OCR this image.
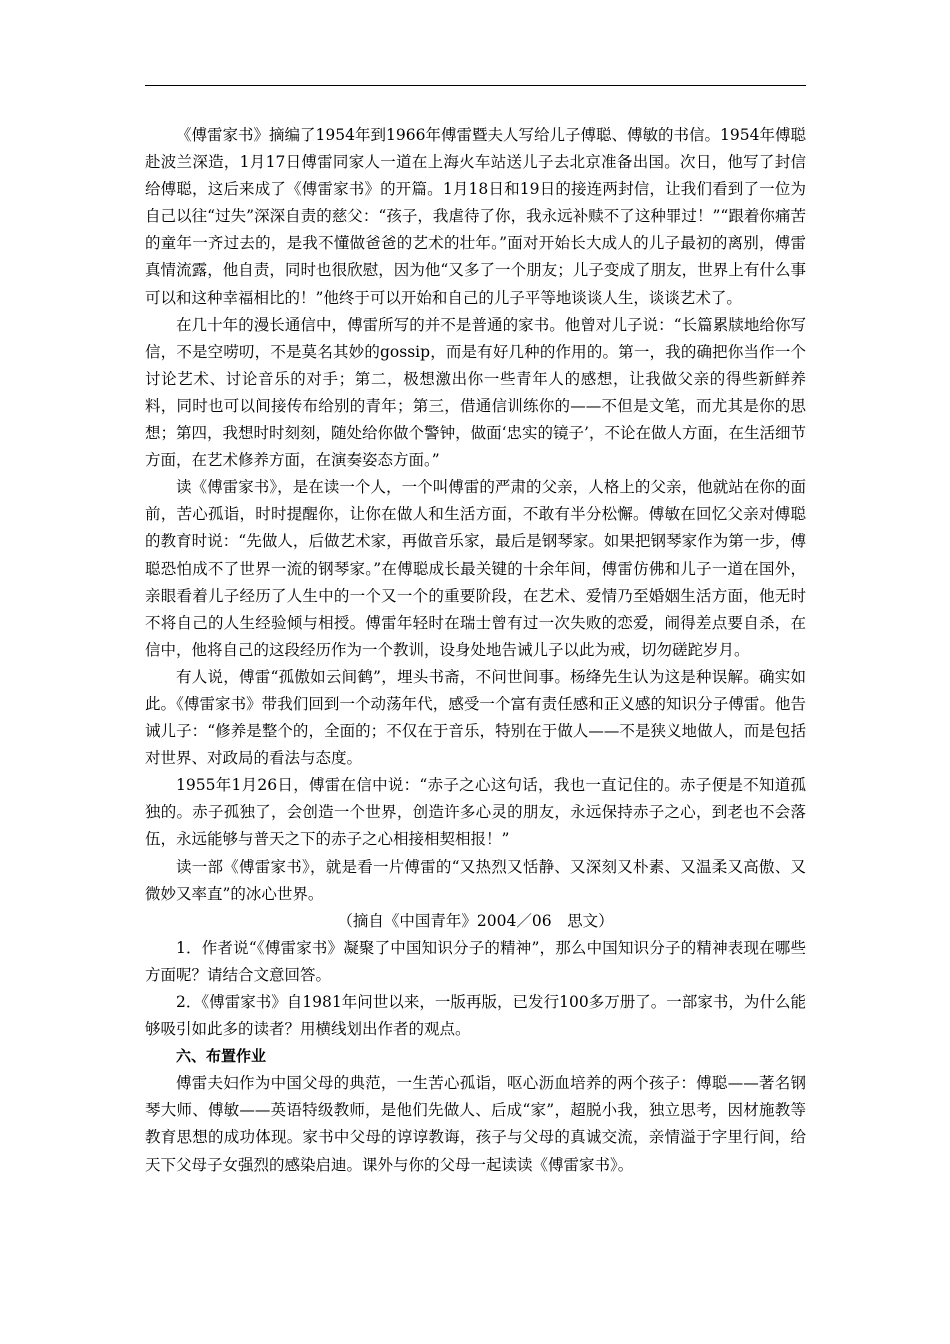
《傅雷家书》摘编了1954年到1966年傅雷暨夫人写给儿子傅聪、傅敏的书信。1954年傅聪赴波兰深造，1月17日傅雷同家人一道在上海火车站送儿子去北京准备出国。次日，他写了封信给傅聪，这后来成了《傅雷家书》的开篇。1月18日和19日的接连两封信，让我们看到了一位为自己以往“过失”深深自责的慈父：“孩子，我虐待了你，我永远补赎不了这种罪过！”“跟着你痛苦的童年一齐过去的，是我不懂做爸爸的艺术的壮年。”面对开始长大成人的儿子最初的离别，傅雷真情流露，他自责，同时也很欣慰，因为他“又多了一个朋友；儿子变成了朋友，世界上有什么事可以和这种幸福相比的！”他终于可以开始和自己的儿子平等地谈谈人生，谈谈艺术了。

在几十年的漫长通信中，傅雷所写的并不是普通的家书。他曾对儿子说：“长篇累牍地给你写信，不是空唠叨，不是莫名其妙的gossip，而是有好几种的作用的。第一，我的确把你当作一个讨论艺术、讨论音乐的对手；第二，极想激出你一些青年人的感想，让我做父亲的得些新鲜养料，同时也可以间接传布给别的青年；第三，借通信训练你的——不但是文笔，而尤其是你的思想；第四，我想时时刻刻，随处给你做个警钟，做面‘忠实的镜子’，不论在做人方面，在生活细节方面，在艺术修养方面，在演奏姿态方面。”

读《傅雷家书》，是在读一个人，一个叫傅雷的严肃的父亲，人格上的父亲，他就站在你的面前，苦心孤诣，时时提醒你，让你在做人和生活方面，不敢有半分松懈。傅敏在回忆父亲对傅聪的教育时说：“先做人，后做艺术家，再做音乐家，最后是钢琴家。如果把钢琴家作为第一步，傅聪恐怕成不了世界一流的钢琴家。”在傅聪成长最关键的十余年间，傅雷仿佛和儿子一道在国外，亲眼看着儿子经历了人生中的一个又一个的重要阶段，在艺术、爱情乃至婚姻生活方面，他无时不将自己的人生经验倾与相授。傅雷年轻时在瑞士曾有过一次失败的恋爱，闹得差点要自杀，在信中，他将自己的这段经历作为一个教训，设身处地告诫儿子以此为戒，切勿磋跎岁月。

有人说，傅雷“孤傲如云间鹤”，埋头书斋，不问世间事。杨绛先生认为这是种误解。确实如此。《傅雷家书》带我们回到一个动荡年代，感受一个富有责任感和正义感的知识分子傅雷。他告诫儿子：“修养是整个的，全面的；不仅在于音乐，特别在于做人——不是狭义地做人，而是包括对世界、对政局的看法与态度。

1955年1月26日，傅雷在信中说：“赤子之心这句话，我也一直记住的。赤子便是不知道孤独的。赤子孤独了，会创造一个世界，创造许多心灵的朋友，永远保持赤子之心，到老也不会落伍，永远能够与普天之下的赤子之心相接相契相报！”

读一部《傅雷家书》，就是看一片傅雷的“又热烈又恬静、又深刻又朴素、又温柔又高傲、又微妙又率直”的冰心世界。

（摘自《中国青年》2004／06　思文）

1．作者说“《傅雷家书》凝聚了中国知识分子的精神”，那么中国知识分子的精神表现在哪些方面呢？请结合文意回答。

2．《傅雷家书》自1981年问世以来，一版再版，已发行100多万册了。一部家书，为什么能够吸引如此多的读者？用横线划出作者的观点。

六、布置作业

傅雷夫妇作为中国父母的典范，一生苦心孤诣，呕心沥血培养的两个孩子：傅聪——著名钢琴大师、傅敏——英语特级教师，是他们先做人、后成“家”，超脱小我，独立思考，因材施教等教育思想的成功体现。家书中父母的谆谆教诲，孩子与父母的真诚交流，亲情溢于字里行间，给天下父母子女强烈的感染启迪。课外与你的父母一起读读《傅雷家书》。
